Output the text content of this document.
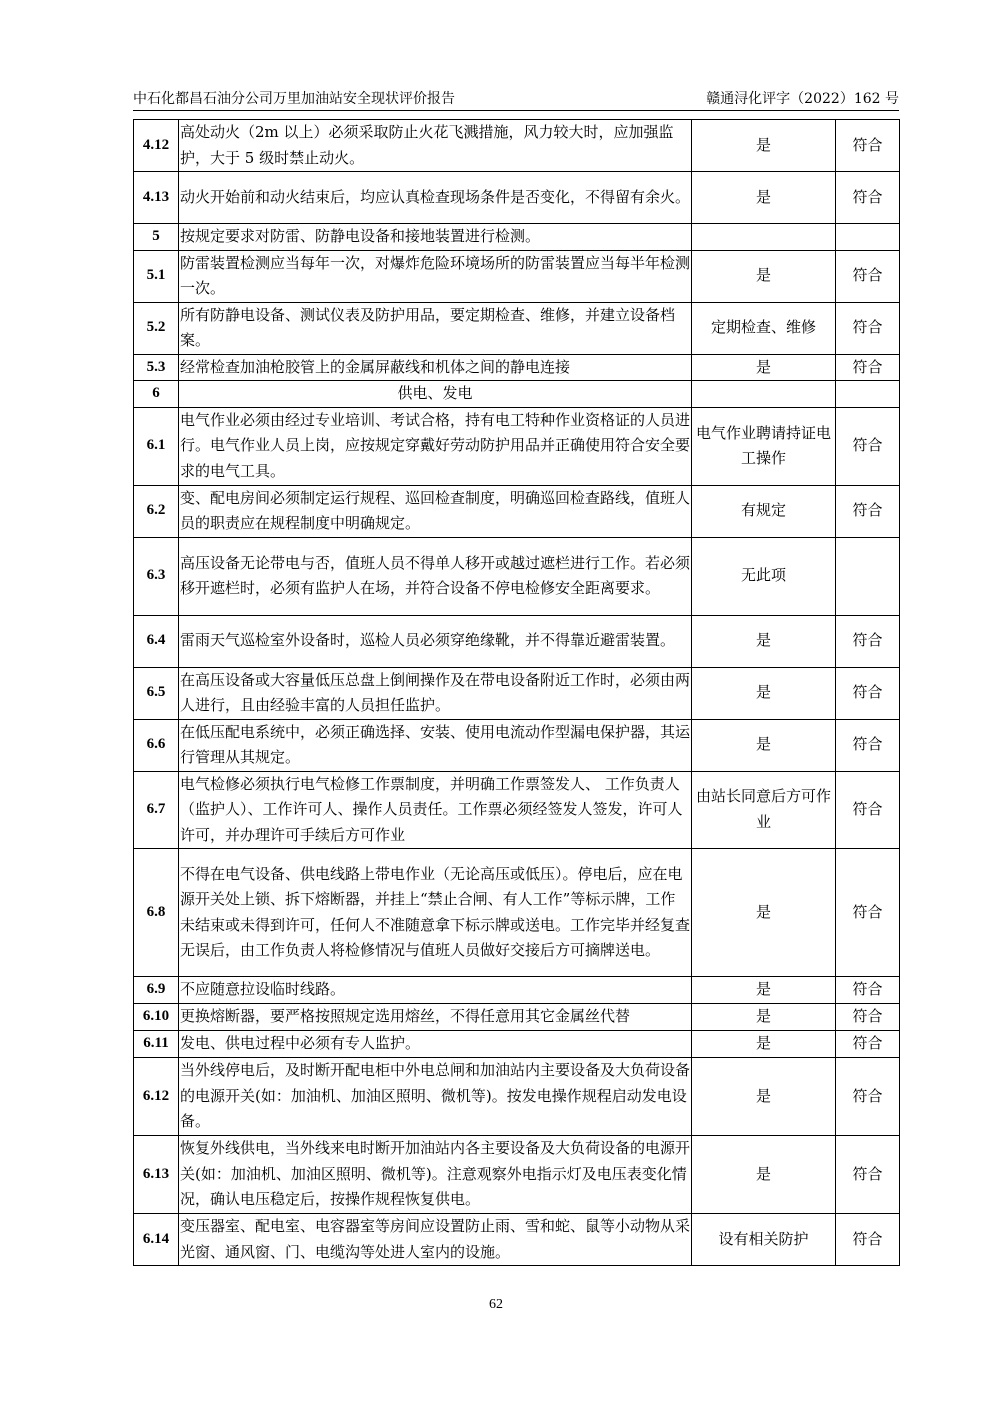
中石化都昌石油分公司万里加油站安全现状评价报告	赣通浔化评字（2022）162 号
4.12	高处动火（2m 以上）必须采取防止火花飞溅措施，风力较大时，应加强监护，大于 5 级时禁止动火。	是	符合
4.13	动火开始前和动火结束后，均应认真检查现场条件是否变化，不得留有余火。	是	符合
5	按规定要求对防雷、防静电设备和接地装置进行检测。		
5.1	防雷装置检测应当每年一次，对爆炸危险环境场所的防雷装置应当每半年检测一次。	是	符合
5.2	所有防静电设备、测试仪表及防护用品，要定期检查、维修，并建立设备档案。	定期检查、维修	符合
5.3	经常检查加油枪胶管上的金属屏蔽线和机体之间的静电连接	是	符合
6	供电、发电		
6.1	电气作业必须由经过专业培训、考试合格，持有电工特种作业资格证的人员进行。电气作业人员上岗，应按规定穿戴好劳动防护用品并正确使用符合安全要求的电气工具。	电气作业聘请持证电工操作	符合
6.2	变、配电房间必须制定运行规程、巡回检查制度，明确巡回检查路线，值班人员的职责应在规程制度中明确规定。	有规定	符合
6.3	高压设备无论带电与否，值班人员不得单人移开或越过遮栏进行工作。若必须移开遮栏时，必须有监护人在场，并符合设备不停电检修安全距离要求。	无此项	
6.4	雷雨天气巡检室外设备时，巡检人员必须穿绝缘靴，并不得靠近避雷装置。	是	符合
6.5	在高压设备或大容量低压总盘上倒闸操作及在带电设备附近工作时，必须由两人进行，且由经验丰富的人员担任监护。	是	符合
6.6	在低压配电系统中，必须正确选择、安装、使用电流动作型漏电保护器，其运行管理从其规定。	是	符合
6.7	电气检修必须执行电气检修工作票制度，并明确工作票签发人、 工作负责人（监护人）、工作许可人、操作人员责任。工作票必须经签发人签发，许可人许可，并办理许可手续后方可作业	由站长同意后方可作业	符合
6.8	不得在电气设备、供电线路上带电作业（无论高压或低压）。停电后，应在电源开关处上锁、拆下熔断器，并挂上“禁止合闸、有人工作”等标示牌，工作未结束或未得到许可，任何人不准随意拿下标示牌或送电。工作完毕并经复查无误后，由工作负责人将检修情况与值班人员做好交接后方可摘牌送电。	是	符合
6.9	不应随意拉设临时线路。	是	符合
6.10	更换熔断器，要严格按照规定选用熔丝，不得任意用其它金属丝代替	是	符合
6.11	发电、供电过程中必须有专人监护。	是	符合
6.12	当外线停电后，及时断开配电柜中外电总闸和加油站内主要设备及大负荷设备的电源开关(如：加油机、加油区照明、微机等)。按发电操作规程启动发电设备。	是	符合
6.13	恢复外线供电，当外线来电时断开加油站内各主要设备及大负荷设备的电源开关(如：加油机、加油区照明、微机等)。注意观察外电指示灯及电压表变化情况，确认电压稳定后，按操作规程恢复供电。	是	符合
6.14	变压器室、配电室、电容器室等房间应设置防止雨、雪和蛇、鼠等小动物从采光窗、通风窗、门、电缆沟等处进人室内的设施。	设有相关防护	符合
62
